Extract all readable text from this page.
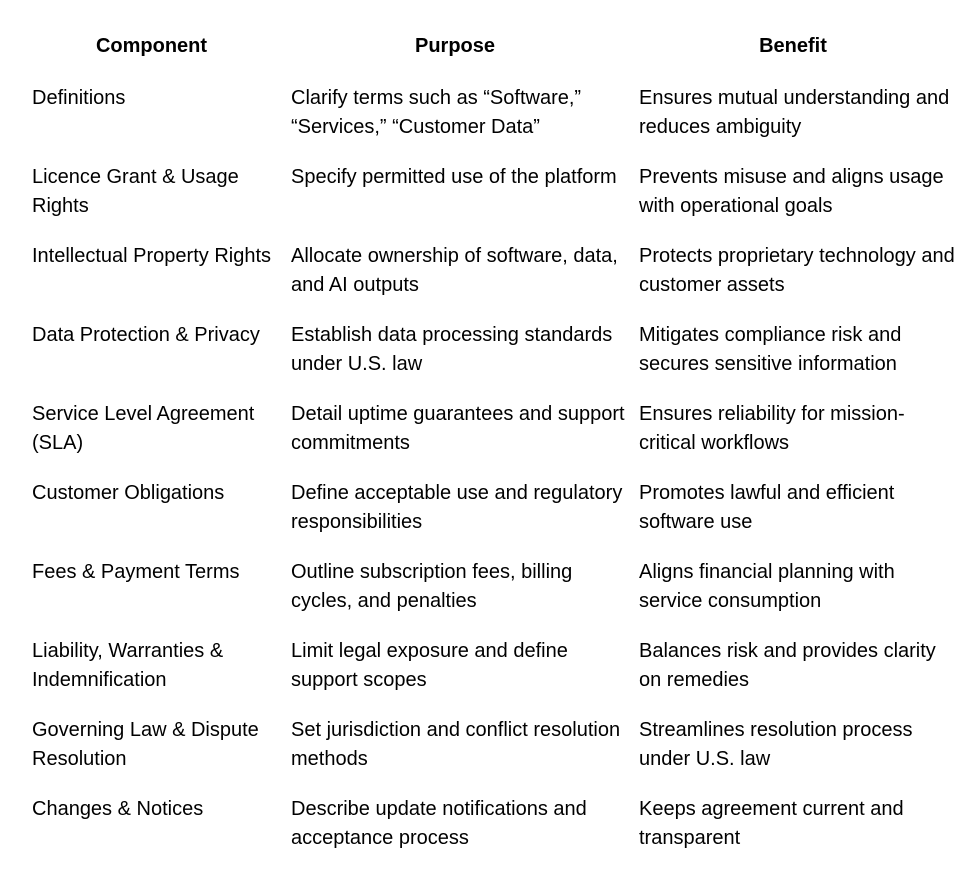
Component	Purpose	Benefit
Definitions	Clarify terms such as “Software,” “Services,” “Customer Data”	Ensures mutual understanding and reduces ambiguity
Licence Grant & Usage Rights	Specify permitted use of the platform	Prevents misuse and aligns usage with operational goals
Intellectual Property Rights	Allocate ownership of software, data, and AI outputs	Protects proprietary technology and customer assets
Data Protection & Privacy	Establish data processing standards under U.S. law	Mitigates compliance risk and secures sensitive information
Service Level Agreement (SLA)	Detail uptime guarantees and support commitments	Ensures reliability for mission-critical workflows
Customer Obligations	Define acceptable use and regulatory responsibilities	Promotes lawful and efficient software use
Fees & Payment Terms	Outline subscription fees, billing cycles, and penalties	Aligns financial planning with service consumption
Liability, Warranties & Indemnification	Limit legal exposure and define support scopes	Balances risk and provides clarity on remedies
Governing Law & Dispute Resolution	Set jurisdiction and conflict resolution methods	Streamlines resolution process under U.S. law
Changes & Notices	Describe update notifications and acceptance process	Keeps agreement current and transparent
